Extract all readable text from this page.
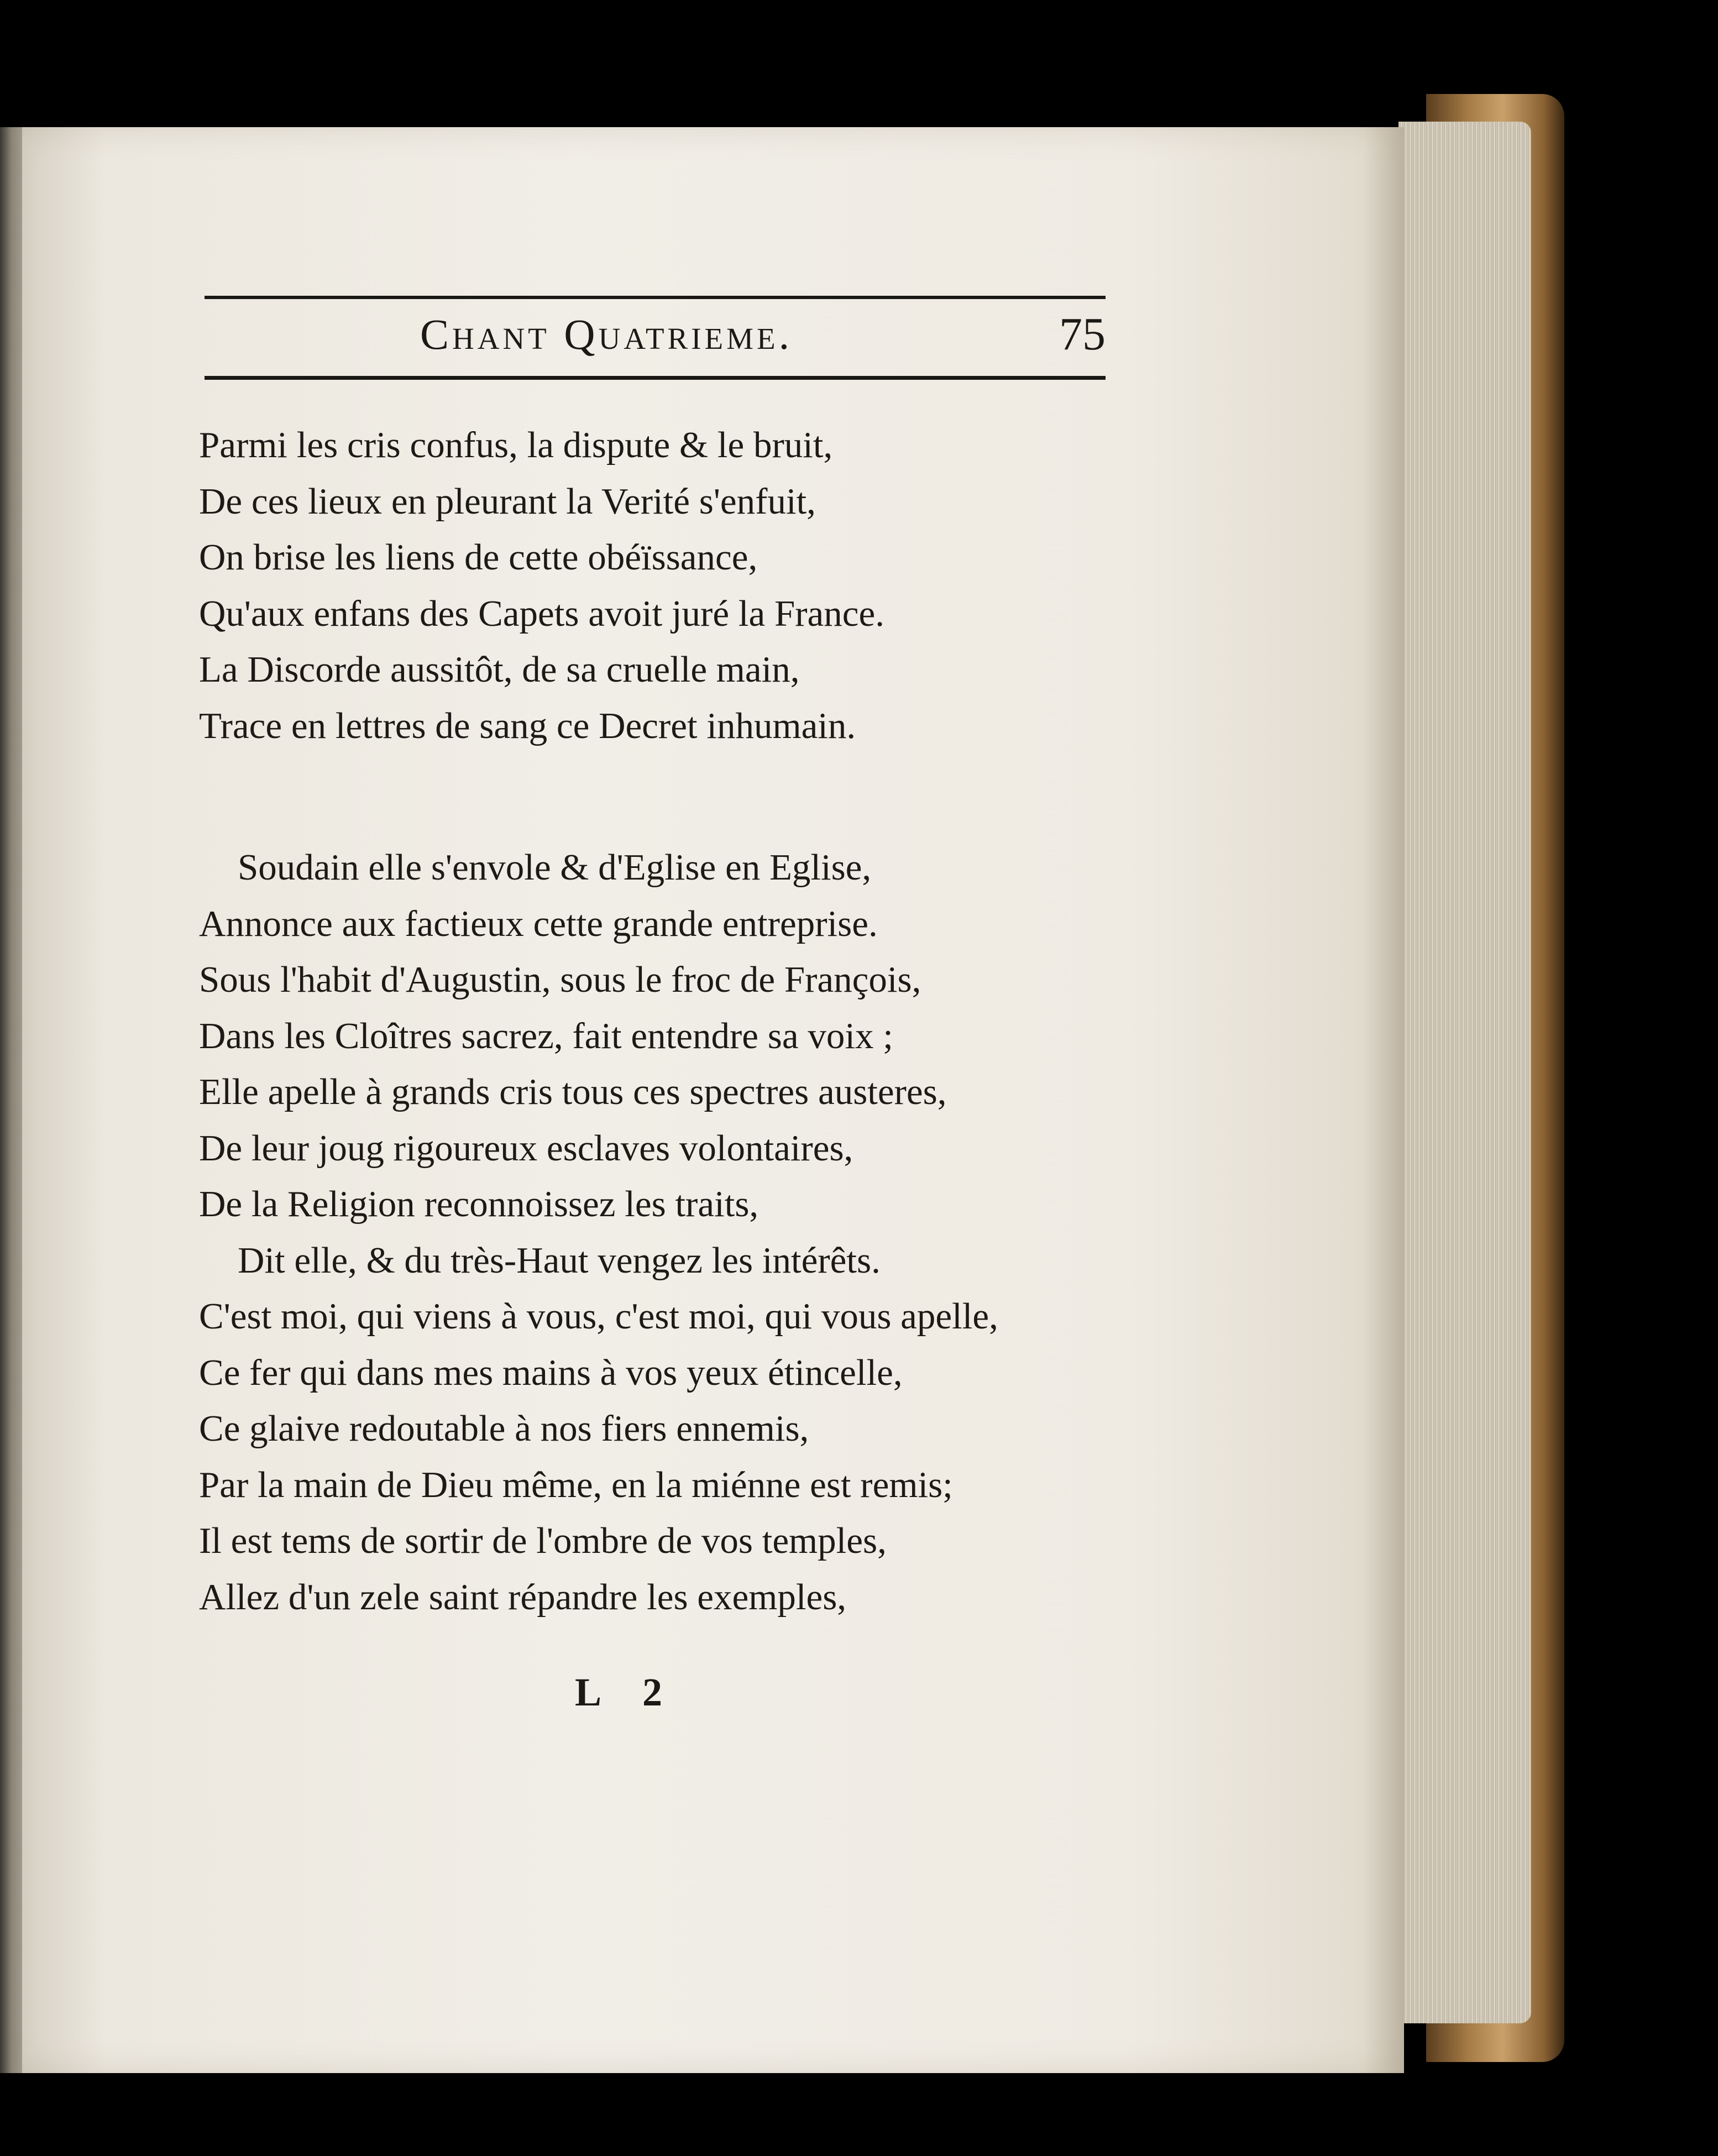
Chant Quatrieme.	75
Parmi les cris confus, la dispute & le bruit,
De ces lieux en pleurant la Verité s'enfuit,
On brise les liens de cette obéïssance,
Qu'aux enfans des Capets avoit juré la France.
La Discorde aussitôt, de sa cruelle main,
Trace en lettres de sang ce Decret inhumain.
Soudain elle s'envole & d'Eglise en Eglise,
Annonce aux factieux cette grande entreprise.
Sous l'habit d'Augustin, sous le froc de François,
Dans les Cloîtres sacrez, fait entendre sa voix ;
Elle apelle à grands cris tous ces spectres austeres,
De leur joug rigoureux esclaves volontaires,
De la Religion reconnoissez les traits,
Dit elle, & du très-Haut vengez les intérêts.
C'est moi, qui viens à vous, c'est moi, qui vous apelle,
Ce fer qui dans mes mains à vos yeux étincelle,
Ce glaive redoutable à nos fiers ennemis,
Par la main de Dieu même, en la miénne est remis;
Il est tems de sortir de l'ombre de vos temples,
Allez d'un zele saint répandre les exemples,
L 2
